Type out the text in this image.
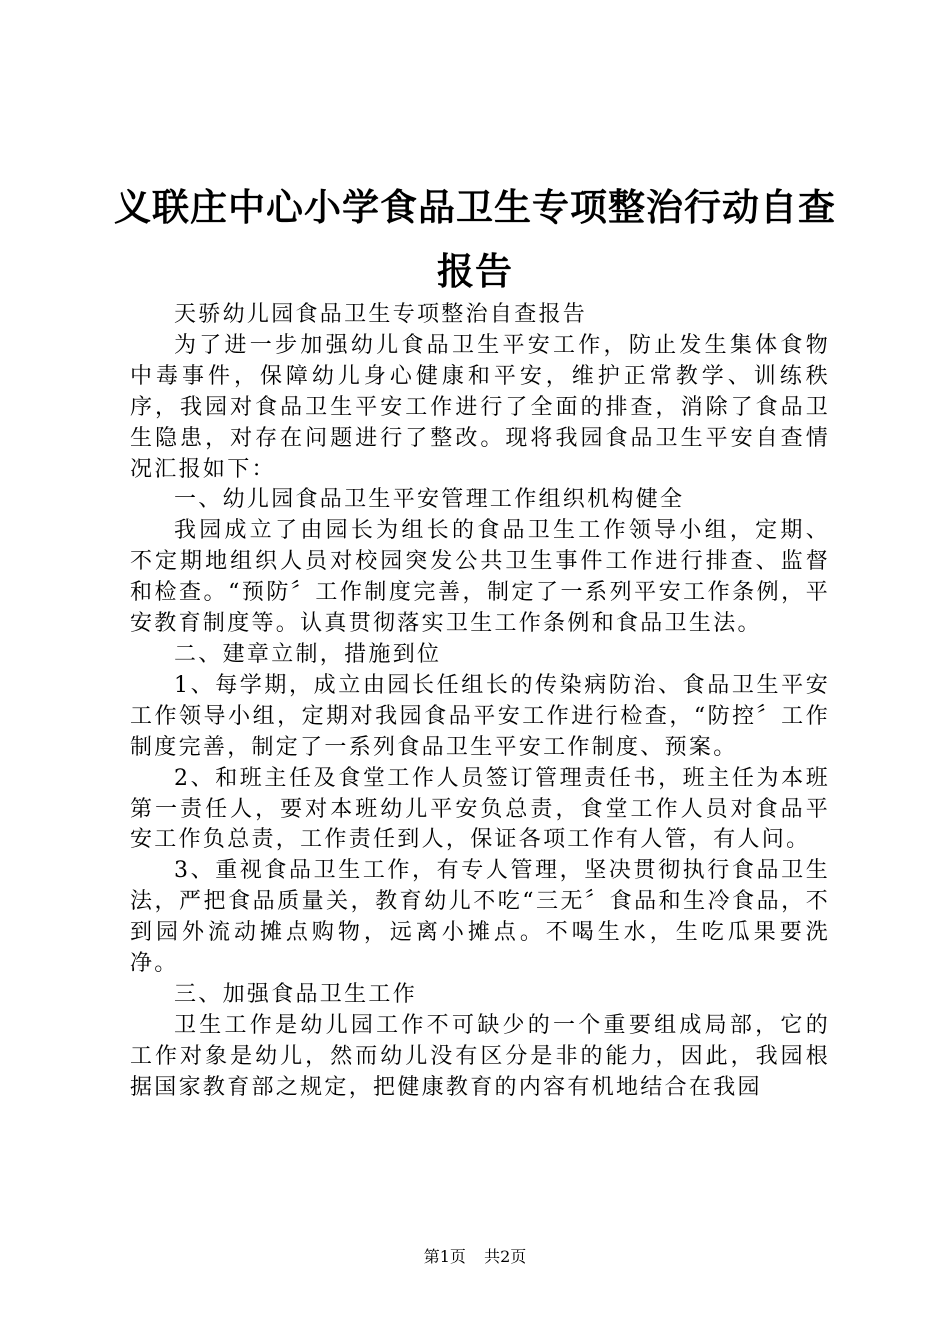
义联庄中心小学食品卫生专项整治行动自查报告

天骄幼儿园食品卫生专项整治自查报告

为了进一步加强幼儿食品卫生平安工作，防止发生集体食物中毒事件，保障幼儿身心健康和平安，维护正常教学、训练秩序，我园对食品卫生平安工作进行了全面的排查，消除了食品卫生隐患，对存在问题进行了整改。现将我园食品卫生平安自查情况汇报如下：

一、幼儿园食品卫生平安管理工作组织机构健全

我园成立了由园长为组长的食品卫生工作领导小组，定期、不定期地组织人员对校园突发公共卫生事件工作进行排查、监督和检查。“预防〞工作制度完善，制定了一系列平安工作条例，平安教育制度等。认真贯彻落实卫生工作条例和食品卫生法。

二、建章立制，措施到位

1、每学期，成立由园长任组长的传染病防治、食品卫生平安工作领导小组，定期对我园食品平安工作进行检查，“防控〞工作制度完善，制定了一系列食品卫生平安工作制度、预案。

2、和班主任及食堂工作人员签订管理责任书，班主任为本班第一责任人，要对本班幼儿平安负总责，食堂工作人员对食品平安工作负总责，工作责任到人，保证各项工作有人管，有人问。

3、重视食品卫生工作，有专人管理，坚决贯彻执行食品卫生法，严把食品质量关，教育幼儿不吃“三无〞食品和生冷食品，不到园外流动摊点购物，远离小摊点。不喝生水，生吃瓜果要洗净。

三、加强食品卫生工作

卫生工作是幼儿园工作不可缺少的一个重要组成局部，它的工作对象是幼儿，然而幼儿没有区分是非的能力，因此，我园根据国家教育部之规定，把健康教育的内容有机地结合在我园

第1页 共2页
